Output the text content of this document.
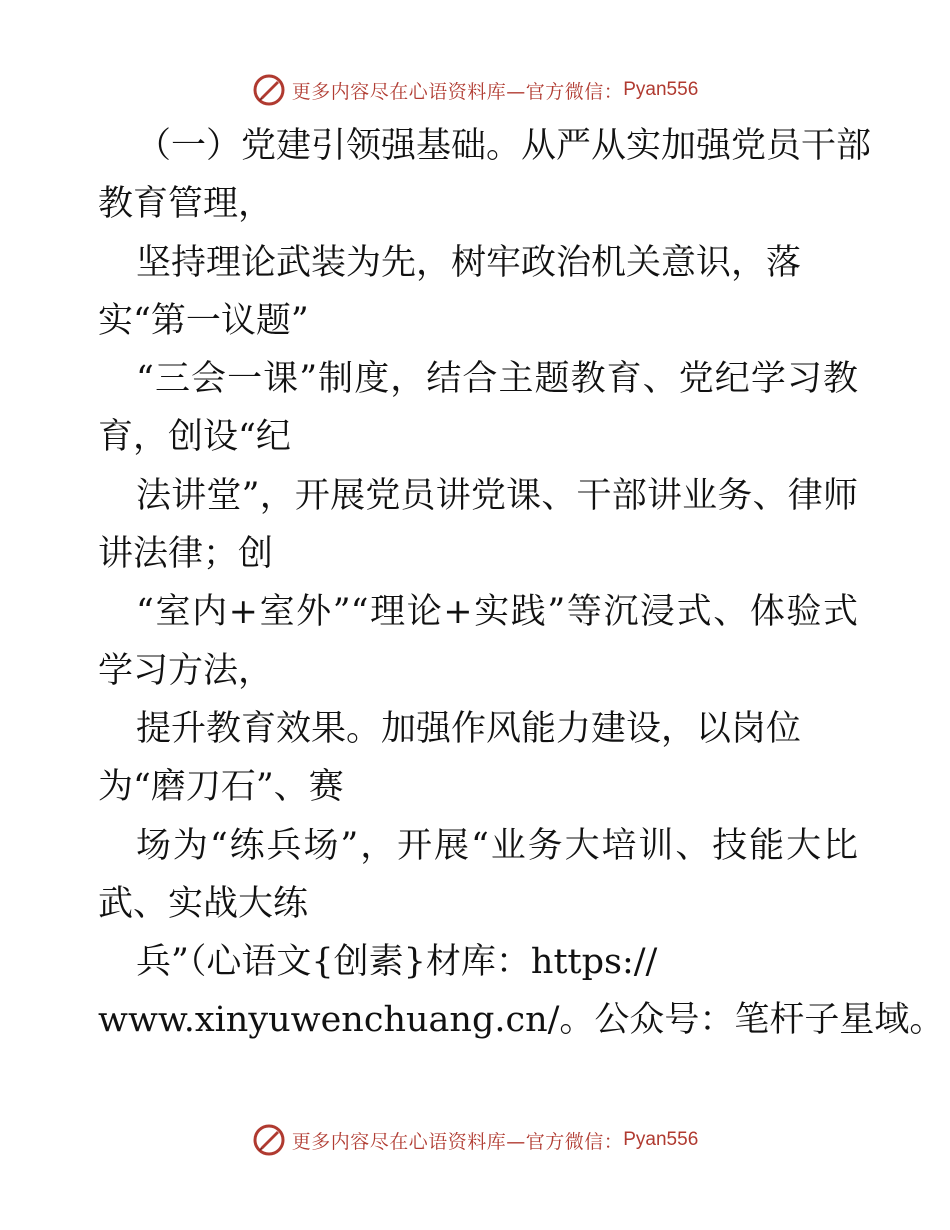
更多内容尽在心语资料库—官方微信： Pyan556
（一）党建引领强基础。从严从实加强党员干部
教育管理，
坚持理论武装为先，树牢政治机关意识，落
实“第一议题”
“三会一课”制度，结合主题教育、党纪学习教
育，创设“纪
法讲堂”，开展党员讲党课、干部讲业务、律师
讲法律；创
“室内+室外”“理论+实践”等沉浸式、体验式
学习方法，
提升教育效果。加强作风能力建设，以岗位
为“磨刀石”、赛
场为“练兵场”，开展“业务大培训、技能大比
武、实战大练
兵”（心语文{创素}材库：https://
www.xinyuwenchuang.cn/。公众号：笔杆子星域。
更多内容尽在心语资料库—官方微信： Pyan556
